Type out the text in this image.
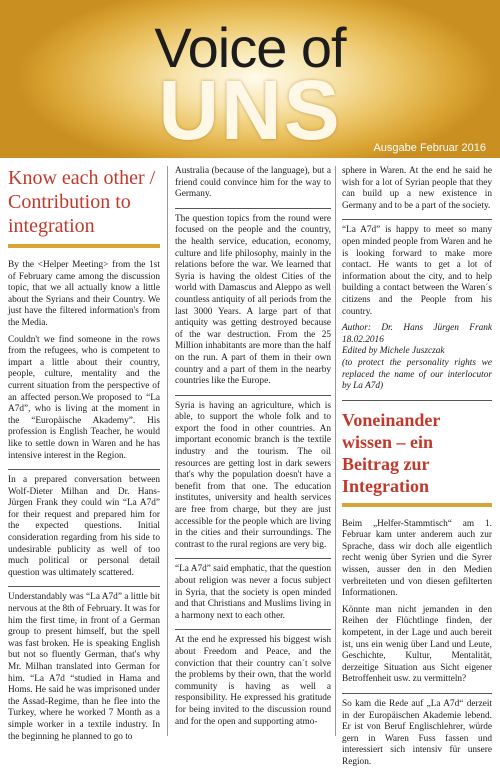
Voice of
UNS	Ausgabe Februar 2016
Know each other / Contribution to integration

By the <Helper Meeting> from the 1st of February came among the discussion topic, that we all actually know a little about the Syrians and their Country. We just have the filtered information's from the Media.

Couldn't we find someone in the rows from the refugees, who is competent to impart a little about their country, people, culture, mentality and the current situation from the perspective of an affected person.We proposed to “La A7d”, who is living at the moment in the “Europäische Akademy”. His profession is English Teacher, he would like to settle down in Waren and he has intensive interest in the Region.

In a prepared conversation between Wolf-Dieter Milhan and Dr. Hans-Jürgen Frank they could win “La A7d” for their request and prepared him for the expected questions. Initial consideration regarding from his side to undesirable publicity as well of too much political or personal detail question was ultimately scattered.

Understandably was “La A7d” a little bit nervous at the 8th of February. It was for him the first time, in front of a German group to present himself, but the spell was fast broken. He is speaking English but not so fluently German, that's why Mr. Milhan translated into German for him. “La A7d “studied in Hama and Homs. He said he was imprisoned under the Assad-Regime, than he flee into the Turkey, where he worked 7 Month as a simple worker in a textile industry. In the beginning he planned to go to

Australia (because of the language), but a friend could convince him for the way to Germany.

The question topics from the round were focused on the people and the country, the health service, education, economy, culture and life philosophy, mainly in the relations before the war. We learned that Syria is having the oldest Cities of the world with Damascus and Aleppo as well countless antiquity of all periods from the last 3000 Years. A large part of that antiquity was getting destroyed because of the war destruction. From the 25 Million inhabitants are more than the half on the run. A part of them in their own country and a part of them in the nearby countries like the Europe.

Syria is having an agriculture, which is able, to support the whole folk and to export the food in other countries. An important economic branch is the textile industry and the tourism. The oil resources are getting lost in dark sewers that's why the population doesn't have a benefit from that one. The education institutes, university and health services are free from charge, but they are just accessible for the people which are living in the cities and their surroundings. The contrast to the rural regions are very big.

“La A7d” said emphatic, that the question about religion was never a focus subject in Syria, that the society is open minded and that Christians and Muslims living in a harmony next to each other.

At the end he expressed his biggest wish about Freedom and Peace, and the conviction that their country can´t solve the problems by their own, that the world community is having as well a responsibility. He expressed his gratitude for being invited to the discussion round and for the open and supporting atmo-

sphere in Waren. At the end he said he wish for a lot of Syrian people that they can build up a new existence in Germany and to be a part of the society.

“La A7d” is happy to meet so many open minded people from Waren and he is looking forward to make more contact. He wants to get a lot of information about the city, and to help building a contact between the Waren´s citizens and the People from his country.

Author: Dr. Hans Jürgen Frank 18.02.2016
Edited by Michele Juszczak
(to protect the personality rights we replaced the name of our interlocutor by La A7d)
Voneinander wissen – ein Beitrag zur Integration

Beim „Helfer-Stammtisch“ am 1. Februar kam unter anderem auch zur Sprache, dass wir doch alle eigentlich recht wenig über Syrien und die Syrer wissen, ausser den in den Medien verbreiteten und von diesen gefilterten Informationen.

Könnte man nicht jemanden in den Reihen der Flüchtlinge finden, der kompetent, in der Lage und auch bereit ist, uns ein wenig über Land und Leute, Geschichte, Kultur, Mentalität, derzeitige Situation aus Sicht eigener Betroffenheit usw. zu vermitteln?

So kam die Rede auf „La A7d“ derzeit in der Europäischen Akademie lebend. Er ist von Beruf Englischlehrer, würde gern in Waren Fuss fassen und interessiert sich intensiv für unsere Region.
